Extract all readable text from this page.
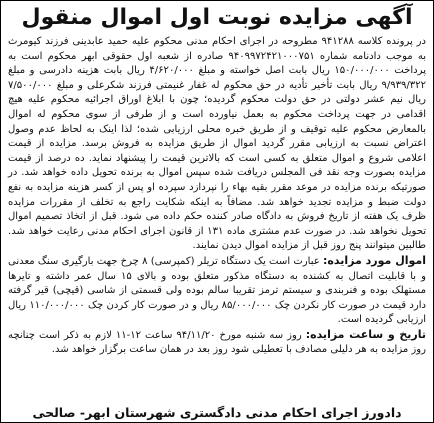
آگهی مزایده نوبت اول اموال منقول

در پرونده کلاسه ۹۴۱۲۸۸ مطروحه در اجرای احکام مدنی محکوم علیه حمید عابدینی فرزند کیومرث به موجب دادنامه شماره ۹۴۰۹۹۷۲۴۲۱۰۰۰۷۵۱ صادره از شعبه اول حقوقی ابهر محکوم است به پرداخت ۱۵۰/۰۰۰/۰۰۰ ریال بابت اصل خواسته و مبلغ ۴/۶۲۰/۰۰۰ ریال بابت هزینه دادرسی و مبلغ ۹/۹۳۹/۳۲۲ ریال بابت تأخیر تأدیه در حق محکوم له غفار غنیمتی فرزند شکرعلی و مبلغ ۷/۵۰۰/۰۰۰ ریال نیم عشر دولتی در حق دولت محکوم گردیده؛ چون با ابلاغ اوراق اجرائیه محکوم علیه هیچ اقدامی در جهت پرداخت محکوم به بعمل نیاورده است و از طرفی از سوی محکوم له اموال بالمعارض محکوم علیه توقیف و از طریق خبره محلی ارزیابی شده؛ لذا اینک به لحاظ عدم وصول اعتراض نسبت به ارزیابی مقرر گردید اموال از طریق مزایده به فروش برسد. مزایده از قیمت اعلامی شروع و اموال متعلق به کسی است که بالاترین قیمت را پیشنهاد نماید. ده درصد از قیمت مزایده بصورت وجه نقد فی المجلس دریافت شده سپس اموال به برنده تحویل داده خواهد شد. در صورتیکه برنده مزایده در موعد مقرر بقیه بهاء را نپردازد سپرده او پس از کسر هزینه مزایده به نفع دولت ضبط و مزایده تجدید خواهد شد. مضافاً به اینکه شکایت راجع به تخلف از مقررات مزایده ظرف یک هفته از تاریخ فروش به دادگاه صادر کننده حکم داده می شود. قبل از اتخاذ تصمیم اموال تحویل نخواهد شد. در صورت عدم مشتری ماده ۱۳۱ از قانون اجرای احکام مدنی رعایت خواهد شد. طالبین میتوانند پنج روز قبل از مزایده اموال دیدن نمایند.

اموال مورد مزایده: عبارت است یک دستگاه تریلر (کمپرسی) ۸ چرخ جهت بارگیری سنگ معدنی و با قابلیت اتصال به کشنده به دستگاه مذکور متعلق بوده و بالای ۱۵ سال عمر داشته و تایرها مستهلک بوده و فنربندی و سیستم ترمز تقریبا سالم بوده ولی قسمتی از شاسی (قیچی) قیر گرفته دارد قیمت در صورت کار نکردن چک ۸۵/۰۰۰/۰۰۰ ریال و در صورت کار کردن چک ۱۱۰/۰۰۰/۰۰۰ ریال ارزیابی گردیده است.

تاریخ و ساعت مزایده: روز سه شنبه مورخ ۹۴/۱۱/۲۰ ساعت ۱۲-۱۱ لازم به ذکر است چنانچه روز مزایده به هر دلیلی مصادف با تعطیلی شود روز بعد در همان ساعت برگزار خواهد شد.

دادورز اجرای احکام مدنی دادگستری شهرستان ابهر- صالحی
